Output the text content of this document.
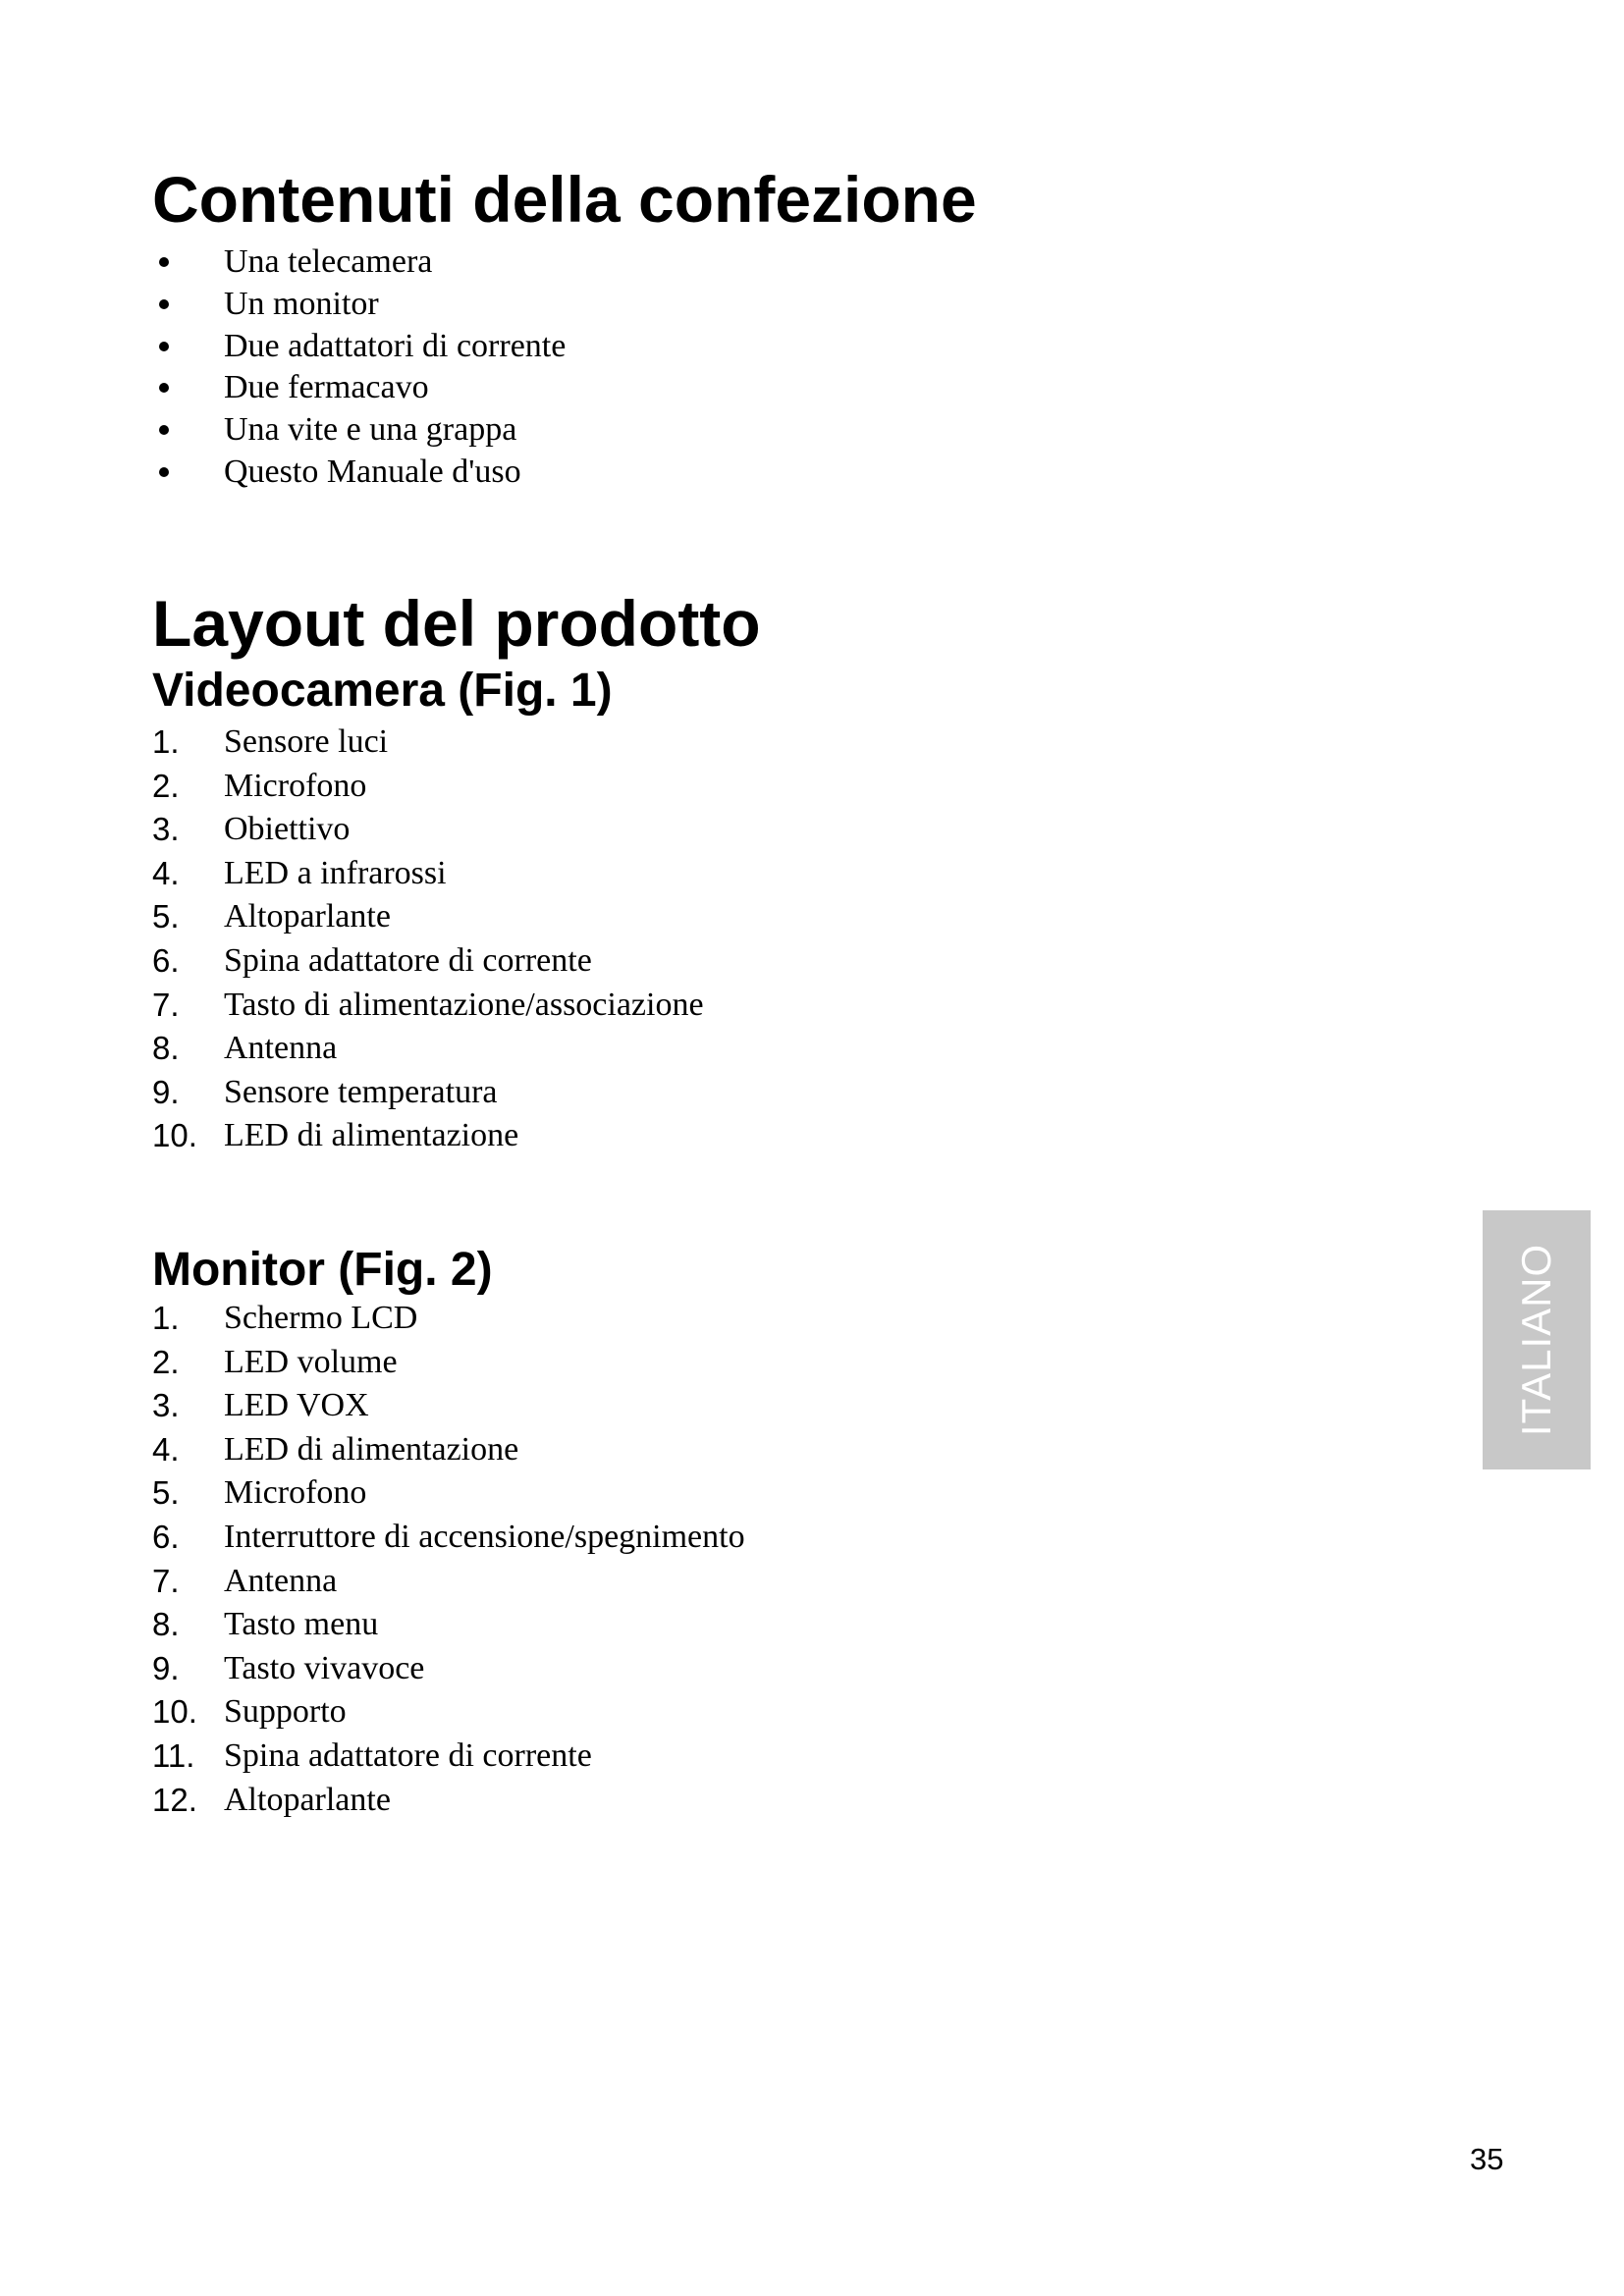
Contenuti della confezione
Una telecamera
Un monitor
Due adattatori di corrente
Due fermacavo
Una vite e una grappa
Questo Manuale d'uso
Layout del prodotto
Videocamera (Fig. 1)
1. Sensore luci
2. Microfono
3. Obiettivo
4. LED a infrarossi
5. Altoparlante
6. Spina adattatore di corrente
7. Tasto di alimentazione/associazione
8. Antenna
9. Sensore temperatura
10. LED di alimentazione
Monitor (Fig. 2)
1. Schermo LCD
2. LED volume
3. LED VOX
4. LED di alimentazione
5. Microfono
6. Interruttore di accensione/spegnimento
7. Antenna
8. Tasto menu
9. Tasto vivavoce
10. Supporto
11. Spina adattatore di corrente
12. Altoparlante
ITALIANO
35
